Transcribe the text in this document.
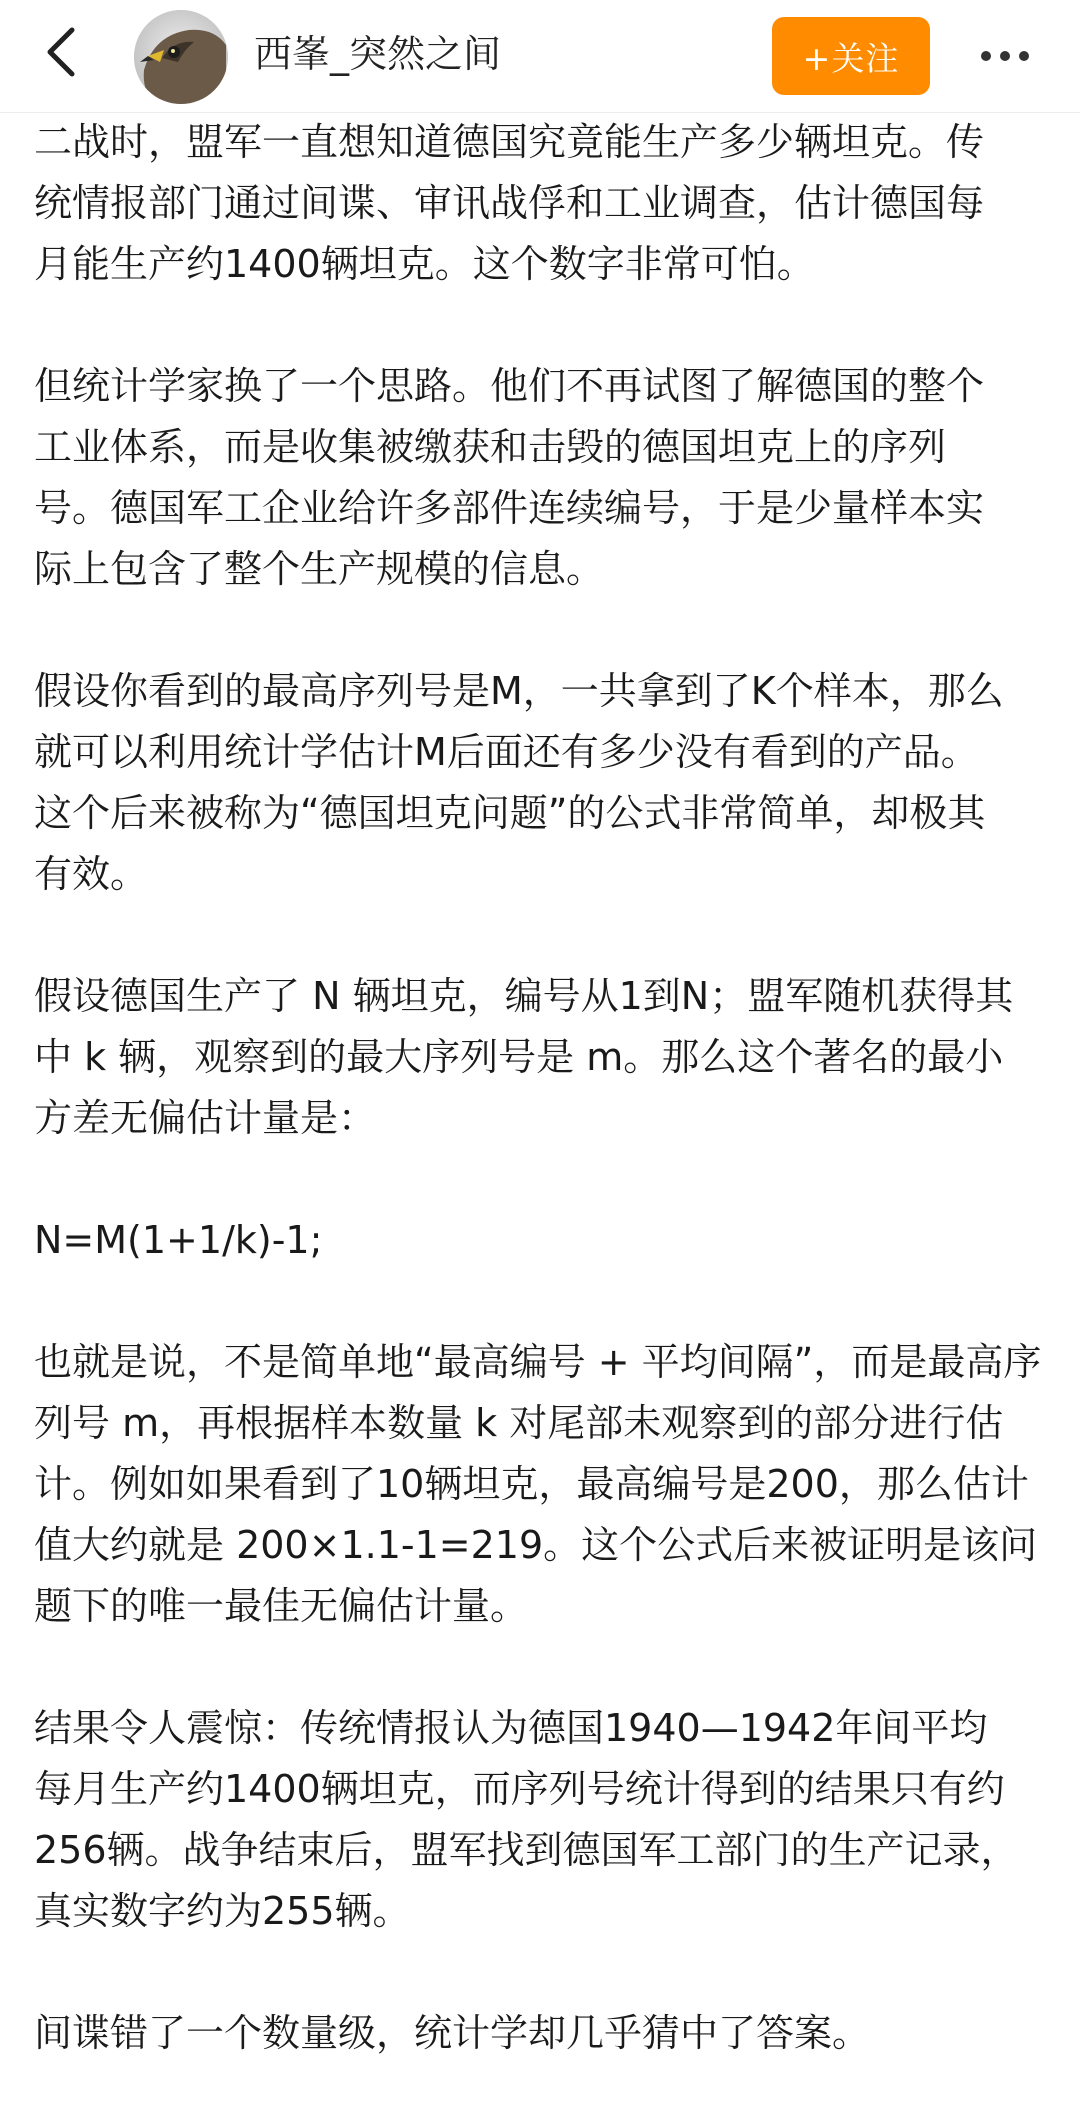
西峯_突然之间	+关注

二战时，盟军一直想知道德国究竟能生产多少辆坦克。传
统情报部门通过间谍、审讯战俘和工业调查，估计德国每
月能生产约1400辆坦克。这个数字非常可怕。

但统计学家换了一个思路。他们不再试图了解德国的整个
工业体系，而是收集被缴获和击毁的德国坦克上的序列
号。德国军工企业给许多部件连续编号，于是少量样本实
际上包含了整个生产规模的信息。

假设你看到的最高序列号是M，一共拿到了K个样本，那么
就可以利用统计学估计M后面还有多少没有看到的产品。
这个后来被称为“德国坦克问题”的公式非常简单，却极其
有效。

假设德国生产了 N 辆坦克，编号从1到N；盟军随机获得其
中 k 辆，观察到的最大序列号是 m。那么这个著名的最小
方差无偏估计量是：

N=M(1+1/k)-1;

也就是说，不是简单地“最高编号 + 平均间隔”，而是最高序
列号 m，再根据样本数量 k 对尾部未观察到的部分进行估
计。例如如果看到了10辆坦克，最高编号是200，那么估计
值大约就是 200×1.1-1=219。这个公式后来被证明是该问
题下的唯一最佳无偏估计量。

结果令人震惊：传统情报认为德国1940—1942年间平均
每月生产约1400辆坦克，而序列号统计得到的结果只有约
256辆。战争结束后，盟军找到德国军工部门的生产记录，
真实数字约为255辆。

间谍错了一个数量级，统计学却几乎猜中了答案。
